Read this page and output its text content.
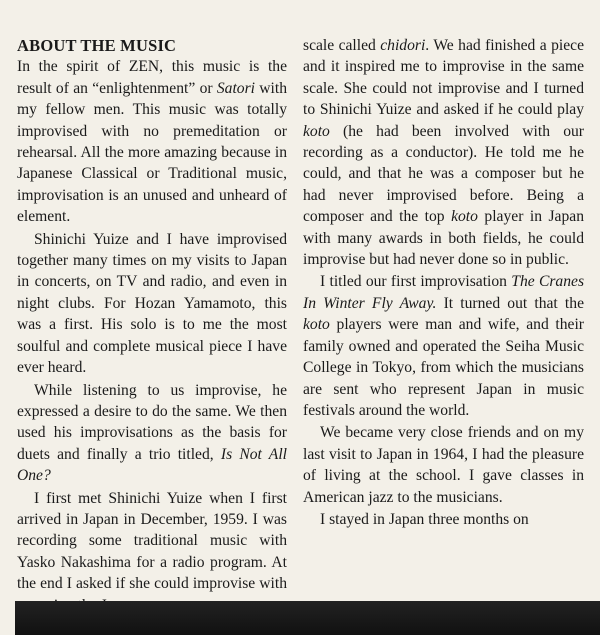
ABOUT THE MUSIC

In the spirit of ZEN, this music is the result of an “enlightenment” or Satori with my fellow men. This music was totally improvised with no premeditation or rehearsal. All the more amazing because in Japanese Classical or Traditional music, improvisation is an unused and unheard of element.

Shinichi Yuize and I have improvised together many times on my visits to Japan in concerts, on TV and radio, and even in night clubs. For Hozan Yamamoto, this was a first. His solo is to me the most soulful and complete musical piece I have ever heard.

While listening to us improvise, he expressed a desire to do the same. We then used his improvisations as the basis for duets and finally a trio titled, Is Not All One?

I first met Shinichi Yuize when I first arrived in Japan in December, 1959. I was recording some traditional music with Yasko Nakashima for a radio program. At the end I asked if she could improvise with

scale called chidori. We had finished a piece and it inspired me to improvise in the same scale. She could not improvise and I turned to Shinichi Yuize and asked if he could play koto (he had been involved with our recording as a conductor). He told me he could, and that he was a composer but he had never improvised before. Being a composer and the top koto player in Japan with many awards in both fields, he could improvise but had never done so in public.

I titled our first improvisation The Cranes In Winter Fly Away. It turned out that the koto players were man and wife, and their family owned and operated the Seiha Music College in Tokyo, from which the musicians are sent who represent Japan in music festivals around the world.

We became very close friends and on my last visit to Japan in 1964, I had the pleasure of living at the school. I gave classes in American jazz to the musicians.

I stayed in Japan three months on
